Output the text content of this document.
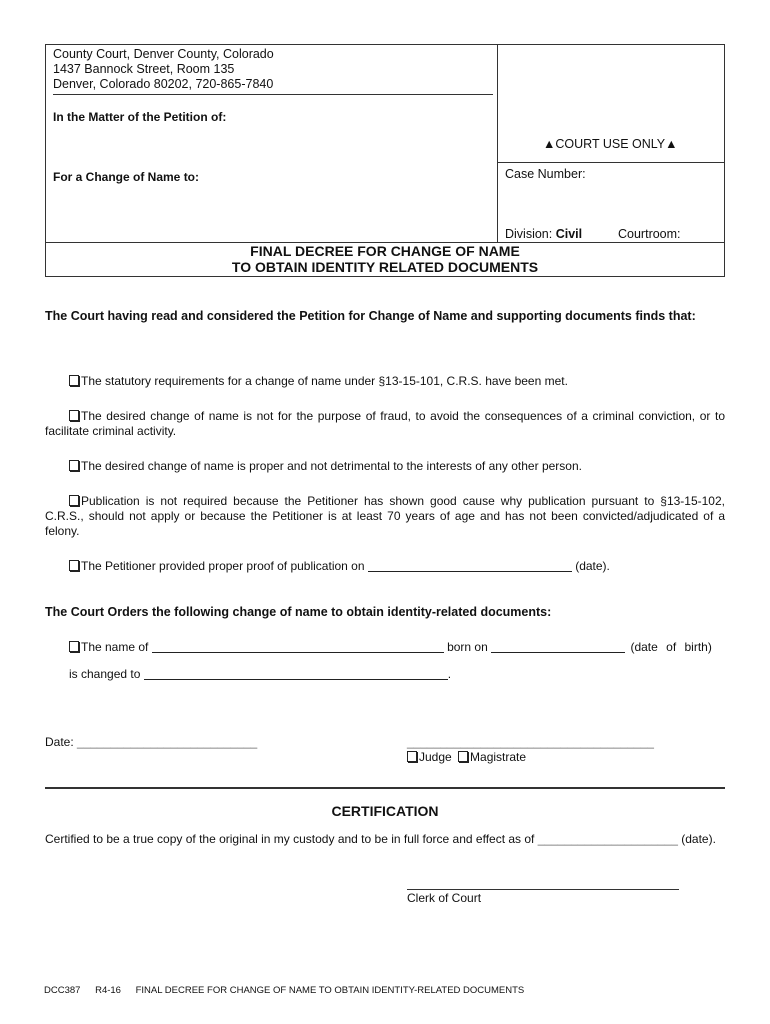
County Court, Denver County, Colorado
1437 Bannock Street, Room 135
Denver, Colorado 80202, 720-865-7840
In the Matter of the Petition of:
For a Change of Name to:
▲COURT USE ONLY▲
Case Number:
Division: Civil	Courtroom:
FINAL DECREE FOR CHANGE OF NAME
TO OBTAIN IDENTITY RELATED DOCUMENTS
The Court having read and considered the Petition for Change of Name and supporting documents finds that:
The statutory requirements for a change of name under §13-15-101, C.R.S. have been met.
The desired change of name is not for the purpose of fraud, to avoid the consequences of a criminal conviction, or to facilitate criminal activity.
The desired change of name is proper and not detrimental to the interests of any other person.
Publication is not required because the Petitioner has shown good cause why publication pursuant to §13-15-102, C.R.S., should not apply or because the Petitioner is at least 70 years of age and has not been convicted/adjudicated of a felony.
The Petitioner provided proper proof of publication on	(date).
The Court Orders the following change of name to obtain identity-related documents:
The name of	born on	(date of birth)
is changed to	.
Date: ___________________________	_____________________________________
Judge Magistrate
CERTIFICATION
Certified to be a true copy of the original in my custody and to be in full force and effect as of _____________________ (date).
Clerk of Court
DCC387 R4-16 FINAL DECREE FOR CHANGE OF NAME TO OBTAIN IDENTITY-RELATED DOCUMENTS
